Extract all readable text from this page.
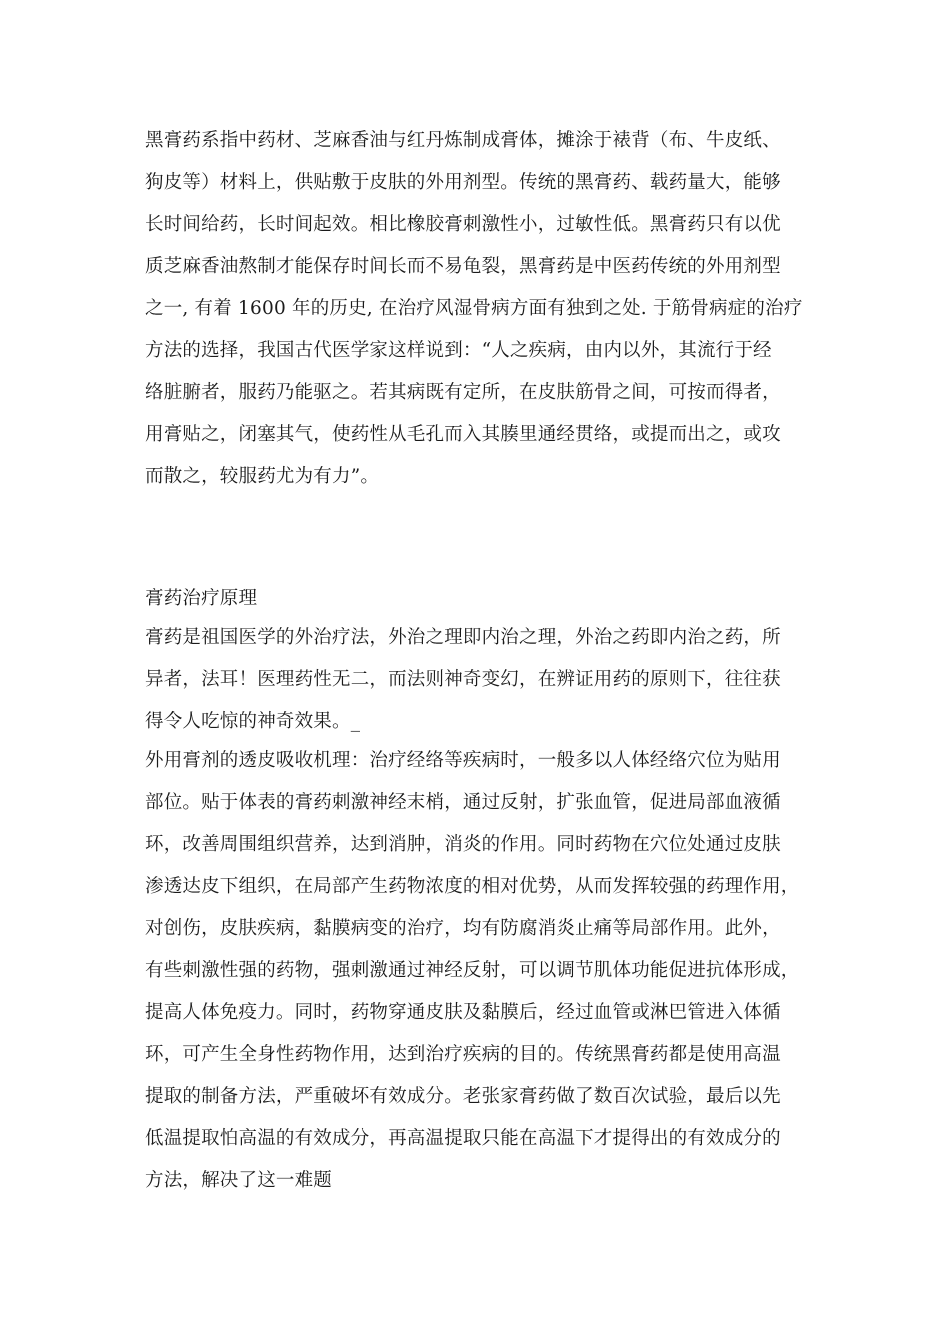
黑膏药系指中药材、芝麻香油与红丹炼制成膏体，摊涂于裱背（布、牛皮纸、
狗皮等）材料上，供贴敷于皮肤的外用剂型。传统的黑膏药、载药量大，能够
长时间给药，长时间起效。相比橡胶膏刺激性小，过敏性低。黑膏药只有以优
质芝麻香油熬制才能保存时间长而不易龟裂，黑膏药是中医药传统的外用剂型
之一, 有着 1600 年的历史, 在治疗风湿骨病方面有独到之处. 于筋骨病症的治疗
方法的选择，我国古代医学家这样说到：“人之疾病，由内以外，其流行于经
络脏腑者，服药乃能驱之。若其病既有定所，在皮肤筋骨之间，可按而得者，
用膏贴之，闭塞其气，使药性从毛孔而入其腠里通经贯络，或提而出之，或攻
而散之，较服药尤为有力”。
膏药治疗原理
膏药是祖国医学的外治疗法，外治之理即内治之理，外治之药即内治之药，所
异者，法耳！医理药性无二，而法则神奇变幻，在辨证用药的原则下，往往获
得令人吃惊的神奇效果。_
外用膏剂的透皮吸收机理：治疗经络等疾病时，一般多以人体经络穴位为贴用
部位。贴于体表的膏药刺激神经末梢，通过反射，扩张血管，促进局部血液循
环，改善周围组织营养，达到消肿，消炎的作用。同时药物在穴位处通过皮肤
渗透达皮下组织，在局部产生药物浓度的相对优势，从而发挥较强的药理作用，
对创伤，皮肤疾病，黏膜病变的治疗，均有防腐消炎止痛等局部作用。此外，
有些刺激性强的药物，强刺激通过神经反射，可以调节肌体功能促进抗体形成，
提高人体免疫力。同时，药物穿通皮肤及黏膜后，经过血管或淋巴管进入体循
环，可产生全身性药物作用，达到治疗疾病的目的。传统黑膏药都是使用高温
提取的制备方法，严重破坏有效成分。老张家膏药做了数百次试验，最后以先
低温提取怕高温的有效成分，再高温提取只能在高温下才提得出的有效成分的
方法，解决了这一难题
